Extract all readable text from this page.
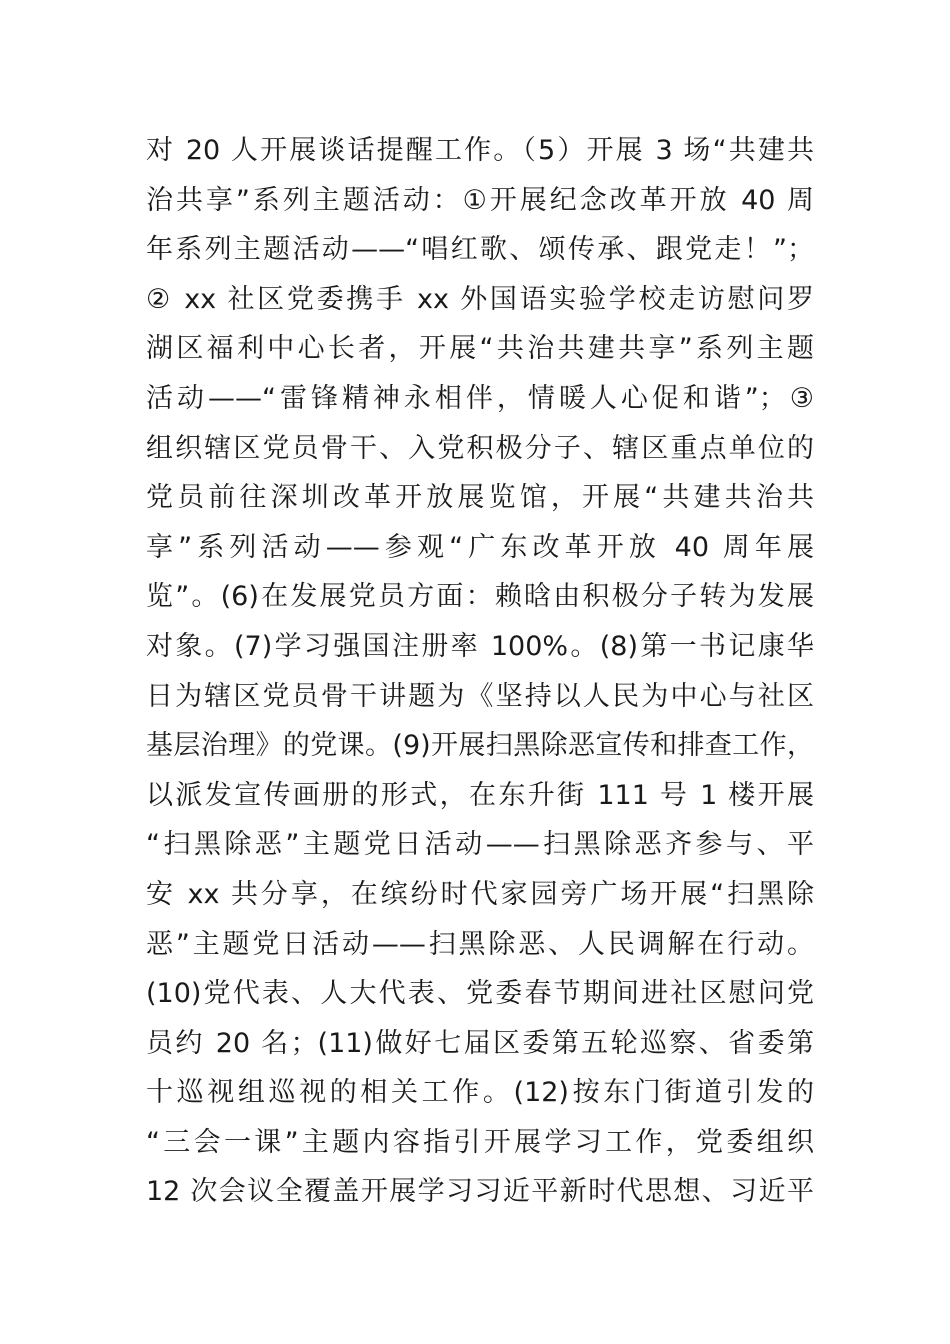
对 20 人开展谈话提醒工作。（5）开展 3 场“共建共
治共享”系列主题活动：①开展纪念改革开放 40 周
年系列主题活动——“唱红歌、颂传承、跟党走！”；
② xx 社区党委携手 xx 外国语实验学校走访慰问罗
湖区福利中心长者，开展“共治共建共享”系列主题
活动——“雷锋精神永相伴，情暖人心促和谐”；③
组织辖区党员骨干、入党积极分子、辖区重点单位的
党员前往深圳改革开放展览馆，开展“共建共治共
享”系列活动——参观“广东改革开放 40 周年展
览”。(6)在发展党员方面：赖晗由积极分子转为发展
对象。(7)学习强国注册率 100%。(8)第一书记康华
日为辖区党员骨干讲题为《坚持以人民为中心与社区
基层治理》的党课。(9)开展扫黑除恶宣传和排查工作，
以派发宣传画册的形式，在东升街 111 号 1 楼开展
“扫黑除恶”主题党日活动——扫黑除恶齐参与、平
安 xx 共分享，在缤纷时代家园旁广场开展“扫黑除
恶”主题党日活动——扫黑除恶、人民调解在行动。
(10)党代表、人大代表、党委春节期间进社区慰问党
员约 20 名；(11)做好七届区委第五轮巡察、省委第
十巡视组巡视的相关工作。(12)按东门街道引发的
“三会一课”主题内容指引开展学习工作，党委组织
12 次会议全覆盖开展学习习近平新时代思想、习近平
